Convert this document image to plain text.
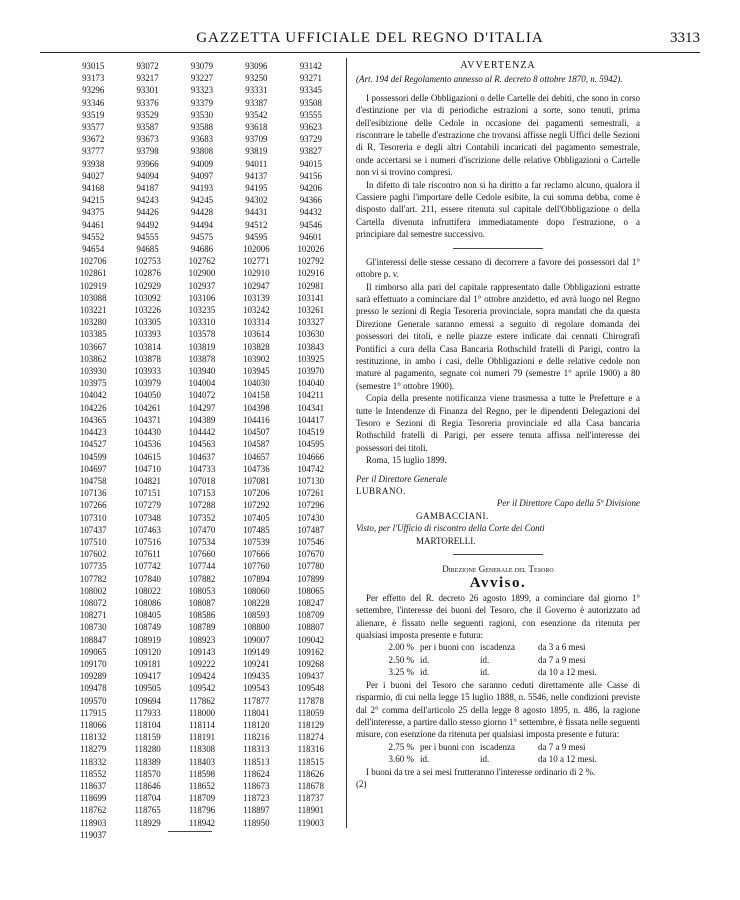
GAZZETTA UFFICIALE DEL REGNO D'ITALIA	3313
93015	93072	93079	93096	93142
93173	93217	93227	93250	93271
93296	93301	93323	93331	93345
93346	93376	93379	93387	93508
93519	93529	93530	93542	93555
93577	93587	93588	93618	93623
93672	93673	93683	93709	93729
93777	93798	93808	93819	93827
93938	93966	94009	94011	94015
94027	94094	94097	94137	94156
94168	94187	94193	94195	94206
94215	94243	94245	94302	94366
94375	94426	94428	94431	94432
94461	94492	94494	94512	94546
94552	94555	94575	94595	94601
94654	94685	94686	102006	102026
102706	102753	102762	102771	102792
102861	102876	102900	102910	102916
102919	102929	102937	102947	102981
103088	103092	103106	103139	103141
103221	103226	103235	103242	103261
103280	103305	103310	103314	103327
103385	103393	103578	103614	103630
103667	103814	103819	103828	103843
103862	103878	103878	103902	103925
103930	103933	103940	103945	103970
103975	103979	104004	104030	104040
104042	104050	104072	104158	104211
104226	104261	104297	104398	104341
104365	104371	104389	104416	104417
104423	104430	104442	104507	104519
104527	104536	104563	104587	104595
104599	104615	104637	104657	104666
104697	104710	104733	104736	104742
104758	104821	107018	107081	107130
107136	107151	107153	107206	107261
107266	107279	107288	107292	107296
107310	107348	107352	107405	107430
107437	107463	107470	107485	107487
107510	107516	107534	107539	107546
107602	107611	107660	107666	107670
107735	107742	107744	107760	107780
107782	107840	107882	107894	107899
108002	108022	108053	108060	108065
108072	108086	108087	108228	108247
108271	108405	108586	108593	108709
108730	108749	108789	108800	108807
108847	108919	108923	109007	109042
109065	109120	109143	109149	109162
109170	109181	109222	109241	109268
109289	109417	109424	109435	109437
109478	109505	109542	109543	109548
109570	109694	117862	117877	117878
117915	117933	118000	118041	118059
118066	118104	118114	118120	118129
118132	118159	118191	118216	118274
118279	118280	118308	118313	118316
118332	118389	118403	118513	118515
118552	118570	118598	118624	118626
118637	118646	118652	118673	118678
118699	118704	118709	118723	118737
118762	118765	118796	118897	118901
118903	118929	118942	118950	119003
119037				
AVVERTENZA

(Art. 194 del Regolamento annesso al R. decreto 8 ottobre 1870, n. 5942).

I possessori delle Obbligazioni o delle Cartelle dei debiti, che sono in corso d'estinzione per via di periodiche estrazioni a sorte, sono tenuti, prima dell'esibizione delle Cedole in occasione dei pagamenti semestrali, a riscontrare le tabelle d'estrazione che trovansi affisse negli Uffici delle Sezioni di R. Tesoreria e degli altri Contabili incaricati del pagamento semestrale, onde accertarsi se i numeri d'iscrizione delle relative Obbligazioni o Cartelle non vi si trovino compresi.

In difetto di tale riscontro non si ha diritto a far reclamo alcuno, qualora il Cassiere paghi l'importare delle Cedole esibite, la cui somma debba, come è disposto dall'art. 211, essere ritenuta sul capitale dell'Obbligazione o della Cartella divenuta infruttifera immediatamente dopo l'estrazione, o a principiare dal semestre successivo.

Gl'interessi delle stesse cessano di decorrere a favore dei possessori dal 1° ottobre p. v.

Il rimborso alla pari del capitale rappresentato dalle Obbligazioni estratte sarà effettuato a cominciare dal 1° ottobre anzidetto, ed avrà luogo nel Regno presso le sezioni di Regia Tesoreria provinciale, sopra mandati che da questa Direzione Generale saranno emessi a seguito di regolare domanda dei possessori dei titoli, e nelle piazze estere indicate dai cennati Chirografi Pontifici a cura della Casa Bancaria Rothschild fratelli di Parigi, contro la restituzione, in ambo i casi, delle Obbligazioni e delle relative cedole non mature al pagamento, segnate coi numeri 79 (semestre 1° aprile 1900) a 80 (semestre 1° ottobre 1900).

Copia della presente notificanza viene trasmessa a tutte le Prefetture e a tutte le Intendenze di Finanza del Regno, per le dipendenti Delegazioni del Tesoro e Sezioni di Regia Tesoreria provinciale ed alla Casa bancaria Rothschild fratelli di Parigi, per essere tenuta affissa nell'interesse dei possessori dei titoli.

Roma, 15 luglio 1899.

Per il Direttore Generale

LUBRANO.

Per il Direttore Capo della 5ª Divisione

GAMBACCIANI.

Visto, per l'Ufficio di riscontro della Corte dei Conti

MARTORELLI.

Direzione Generale del Tesoro
Avviso.

Per effetto del R. decreto 26 agosto 1899, a cominciare dal giorno 1° settembre, l'interesse dei buoni del Tesoro, che il Governo è autorizzato ad alienare, è fissato nelle seguenti ragioni, con esenzione da ritenuta per qualsiasi imposta presente e futura:

2.00 % per i buoni con iscadenza	da 3 a 6 mesi
2.50 % id.	id.	da 7 a 9 mesi
3.25 % id.	id.	da 10 a 12 mesi.

Per i buoni del Tesoro che saranno ceduti direttamente alle Casse di risparmio, di cui nella legge 15 luglio 1888, n. 5546, nelle condizioni previste dal 2° comma dell'articolo 25 della legge 8 agosto 1895, n. 486, la ragione dell'interesse, a partire dallo stesso giorno 1° settembre, è fissata nelle seguenti misure, con esenzione da ritenuta per qualsiasi imposta presente e futura:

2.75 % per i buoni con iscadenza	da 7 a 9 mesi
3.60 % id.	id.	da 10 a 12 mesi.

I buoni da tre a sei mesi frutteranno l'interesse ordinario di 2 %.

(2)
